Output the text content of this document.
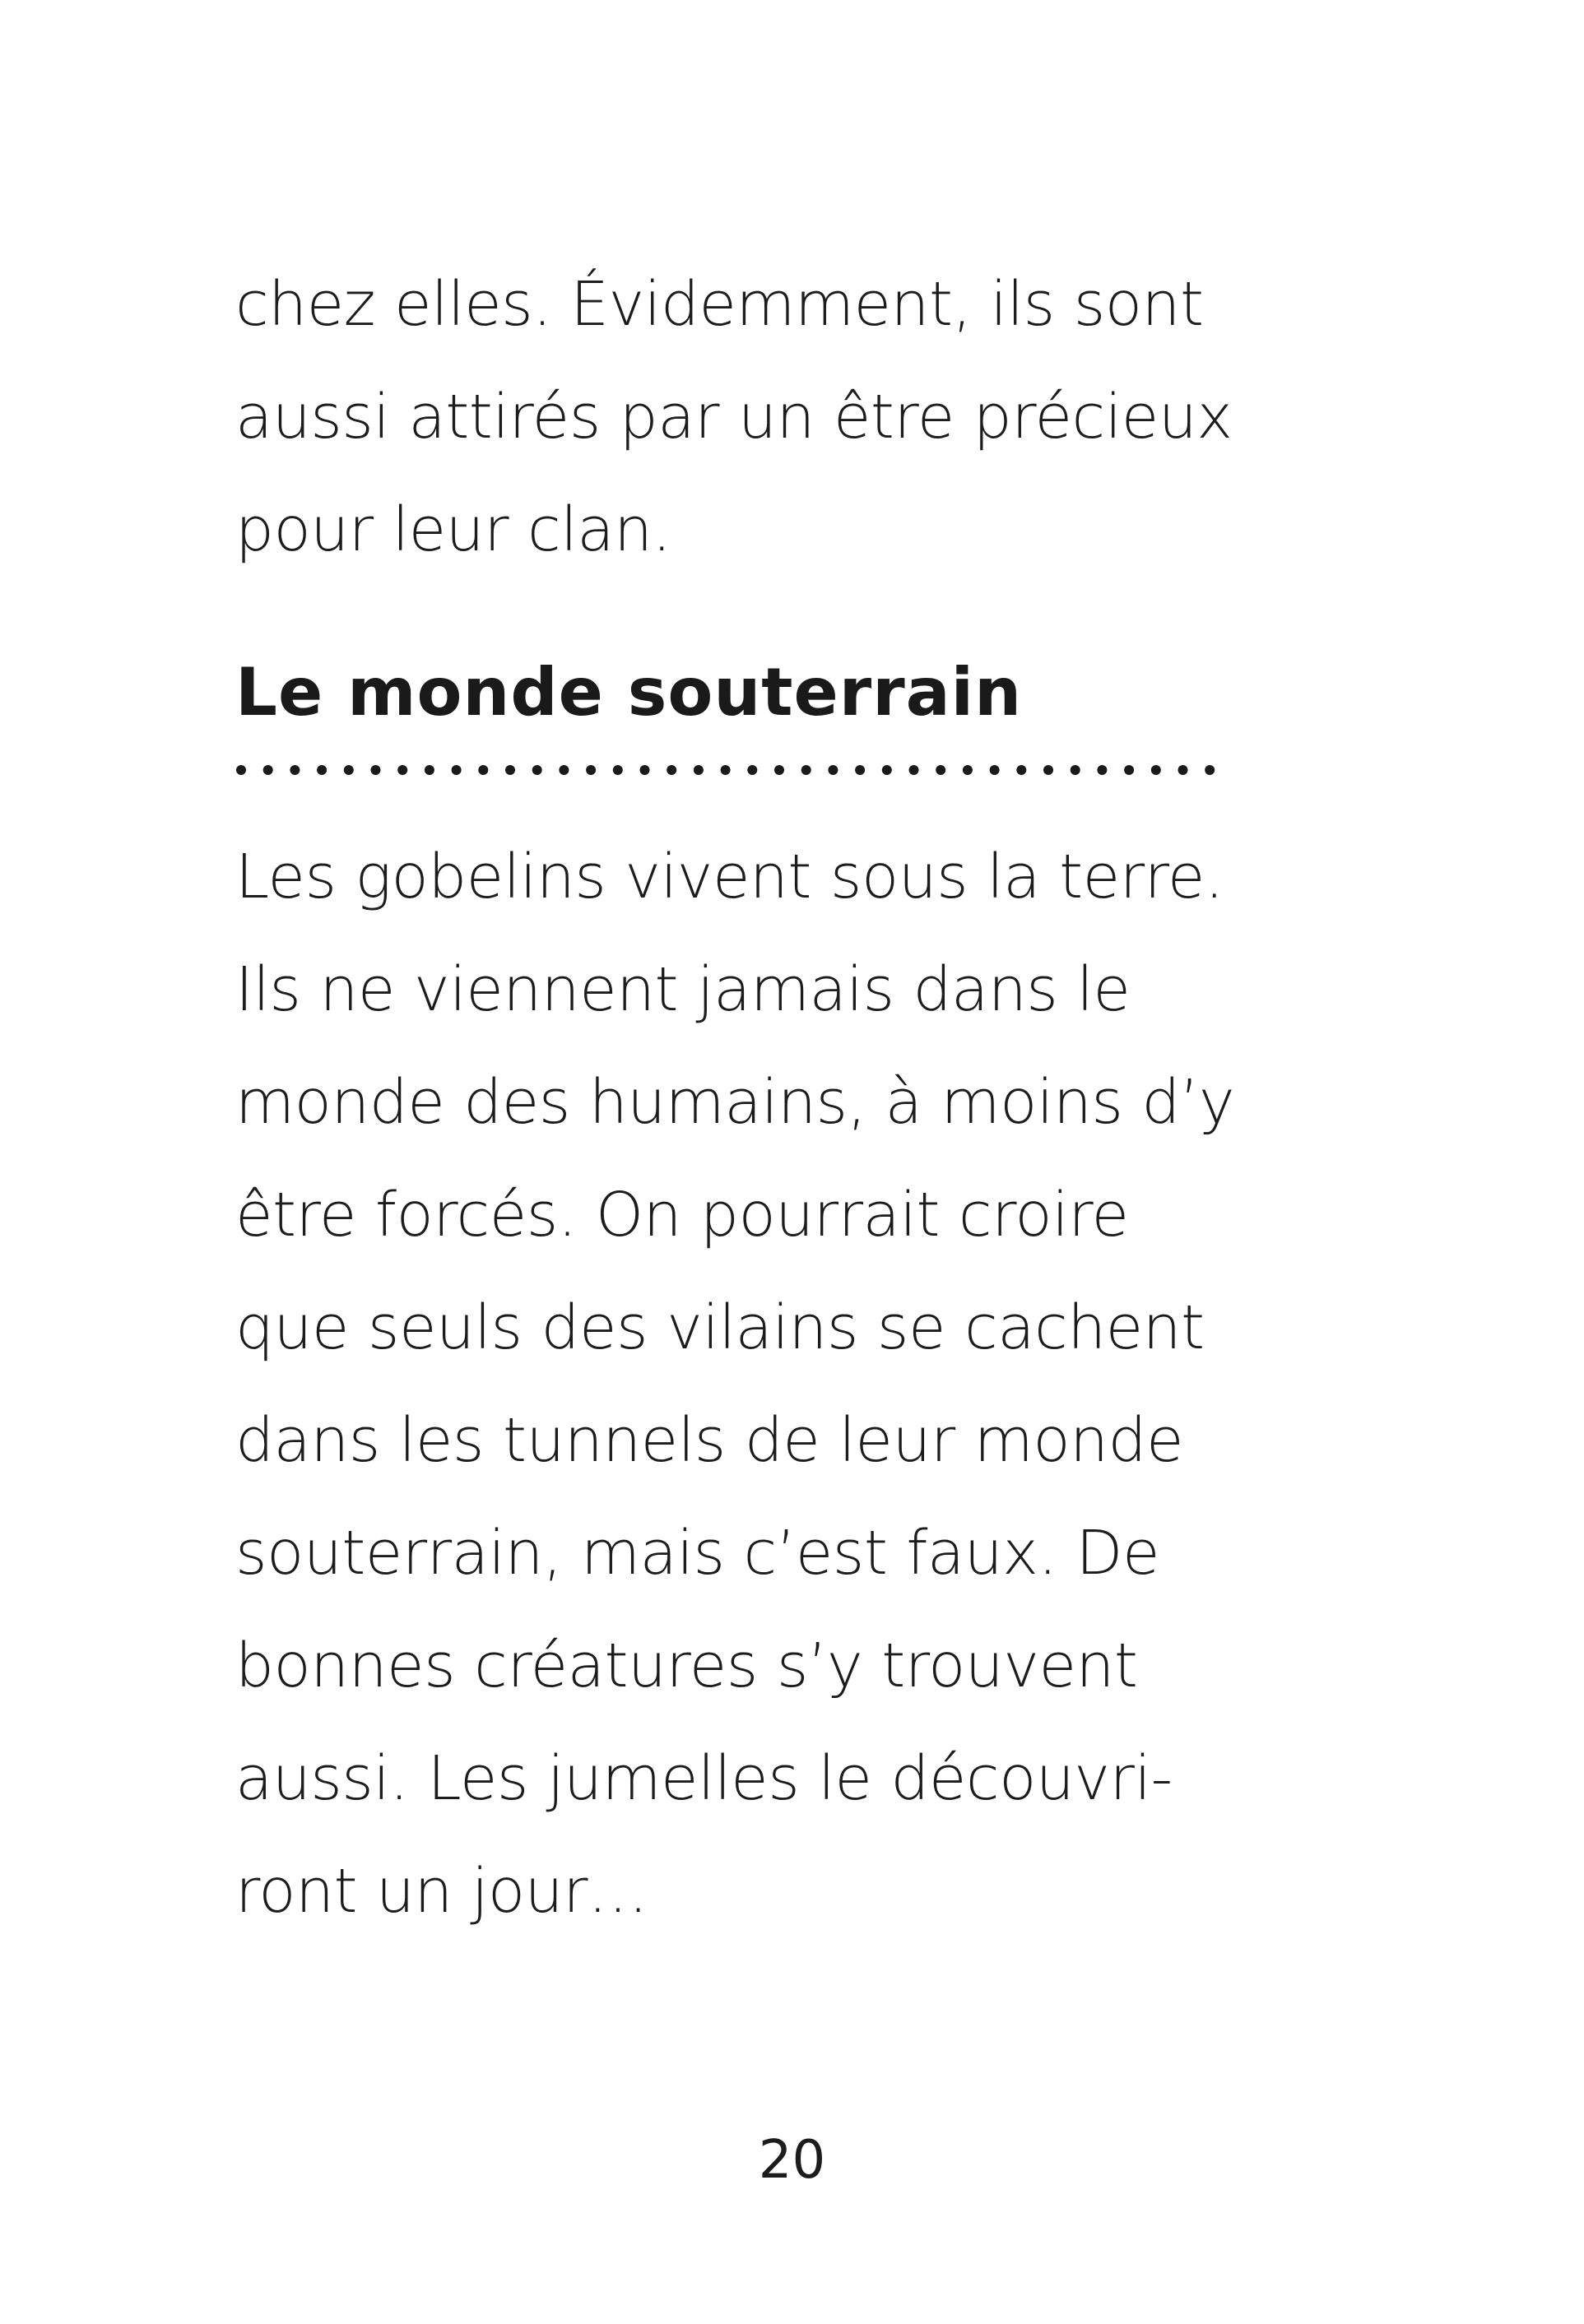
chez elles. Évidemment, ils sont
aussi attirés par un être précieux
pour leur clan.
Le monde souterrain
Les gobelins vivent sous la terre.
Ils ne viennent jamais dans le
monde des humains, à moins d’y
être forcés. On pourrait croire
que seuls des vilains se cachent
dans les tunnels de leur monde
souterrain, mais c’est faux. De
bonnes créatures s’y trouvent
aussi. Les jumelles le découvri-
ront un jour…
20
